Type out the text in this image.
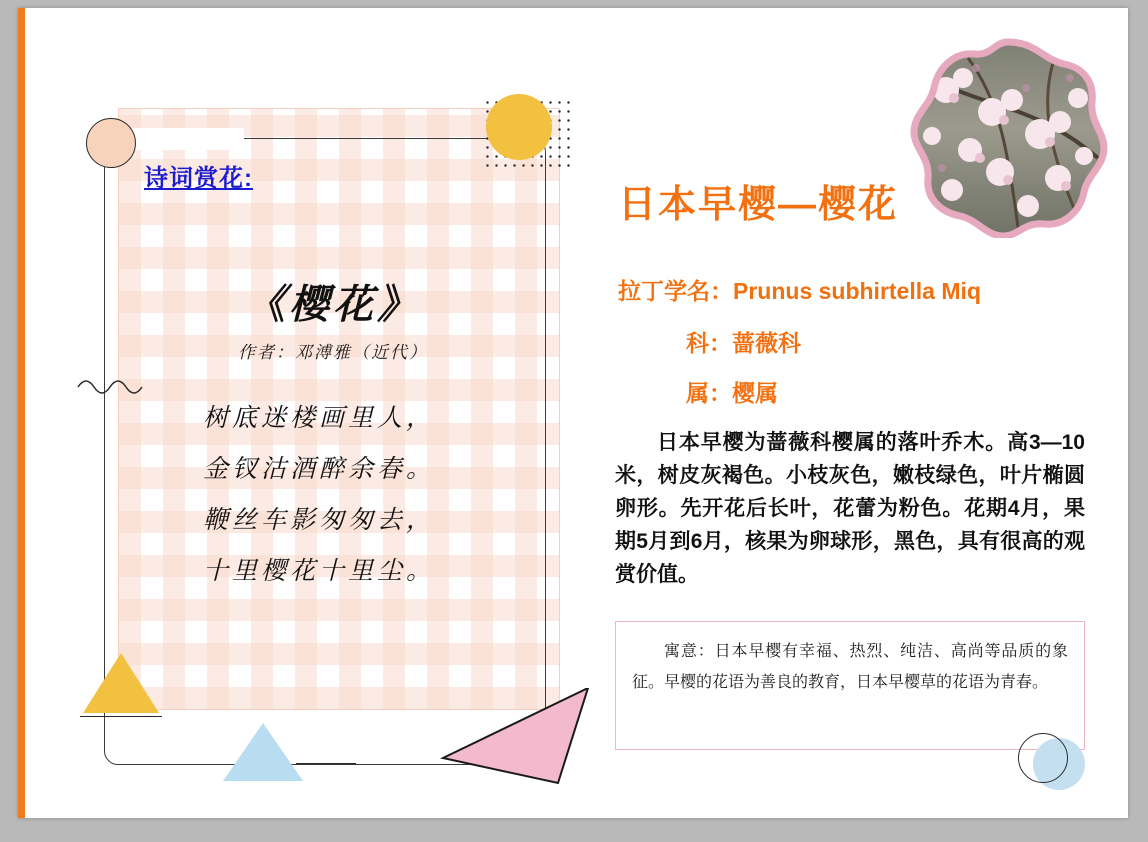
诗词赏花:
《樱花》
作者：邓溥雅（近代）
树底迷楼画里人，
金钗沽酒醉余春。
鞭丝车影匆匆去，
十里樱花十里尘。
日本早樱—樱花
拉丁学名：Prunus subhirtella Miq
科：蔷薇科
属：樱属
日本早樱为蔷薇科樱属的落叶乔木。高3—10米，树皮灰褐色。小枝灰色，嫩枝绿色，叶片椭圆卵形。先开花后长叶，花蕾为粉色。花期4月，果期5月到6月，核果为卵球形，黑色，具有很高的观赏价值。
寓意：日本早樱有幸福、热烈、纯洁、高尚等品质的象征。早樱的花语为善良的教育，日本早樱草的花语为青春。
